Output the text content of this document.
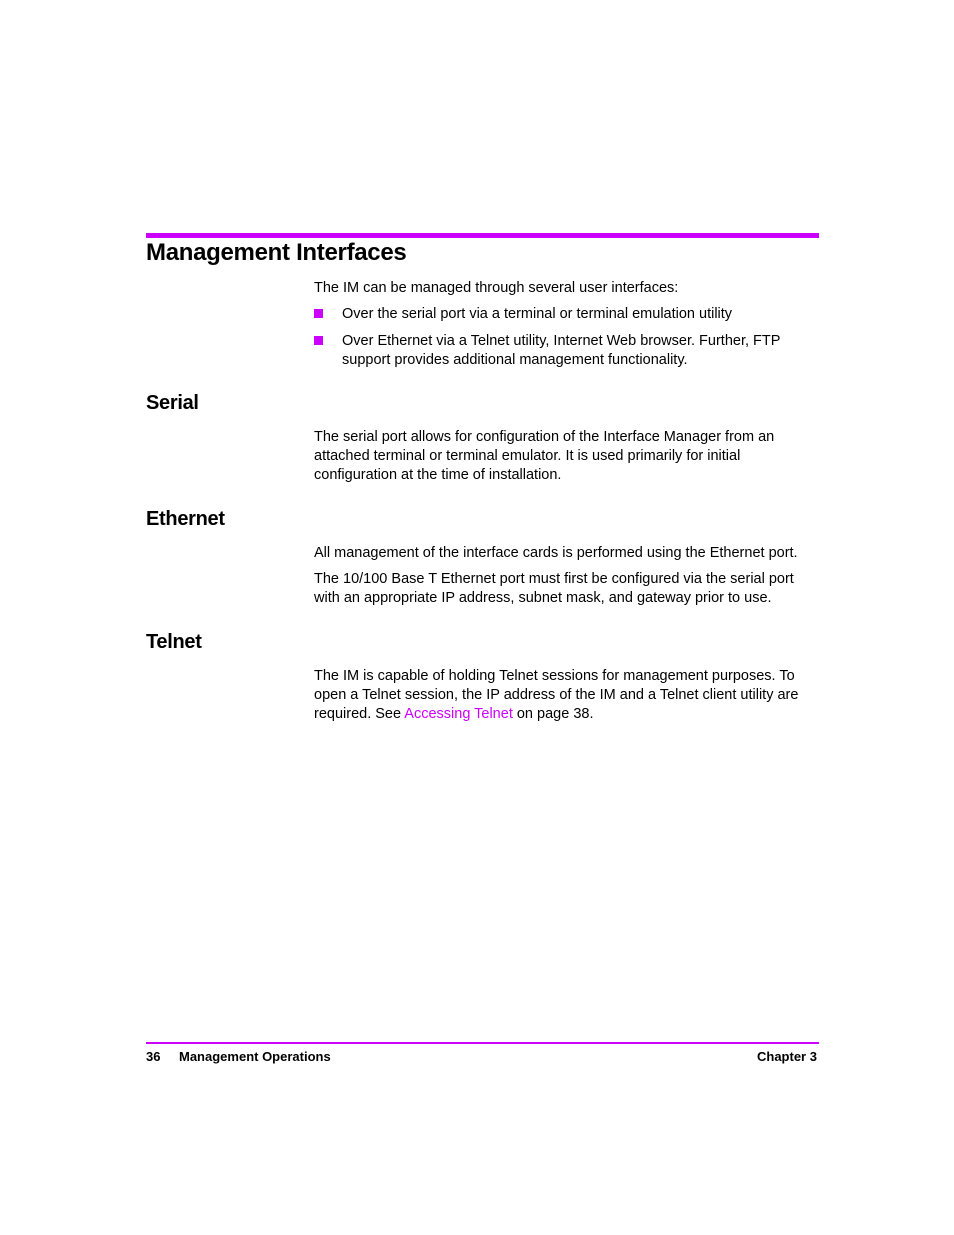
Management Interfaces

The IM can be managed through several user interfaces:

Over the serial port via a terminal or terminal emulation utility
Over Ethernet via a Telnet utility, Internet Web browser. Further, FTP support provides additional management functionality.
Serial

The serial port allows for configuration of the Interface Manager from an attached terminal or terminal emulator. It is used primarily for initial configuration at the time of installation.

Ethernet

All management of the interface cards is performed using the Ethernet port.

The 10/100 Base T Ethernet port must first be configured via the serial port with an appropriate IP address, subnet mask, and gateway prior to use.

Telnet

The IM is capable of holding Telnet sessions for management purposes. To open a Telnet session, the IP address of the IM and a Telnet client utility are required. See Accessing Telnet on page 38.

36 Management Operations	Chapter 3
